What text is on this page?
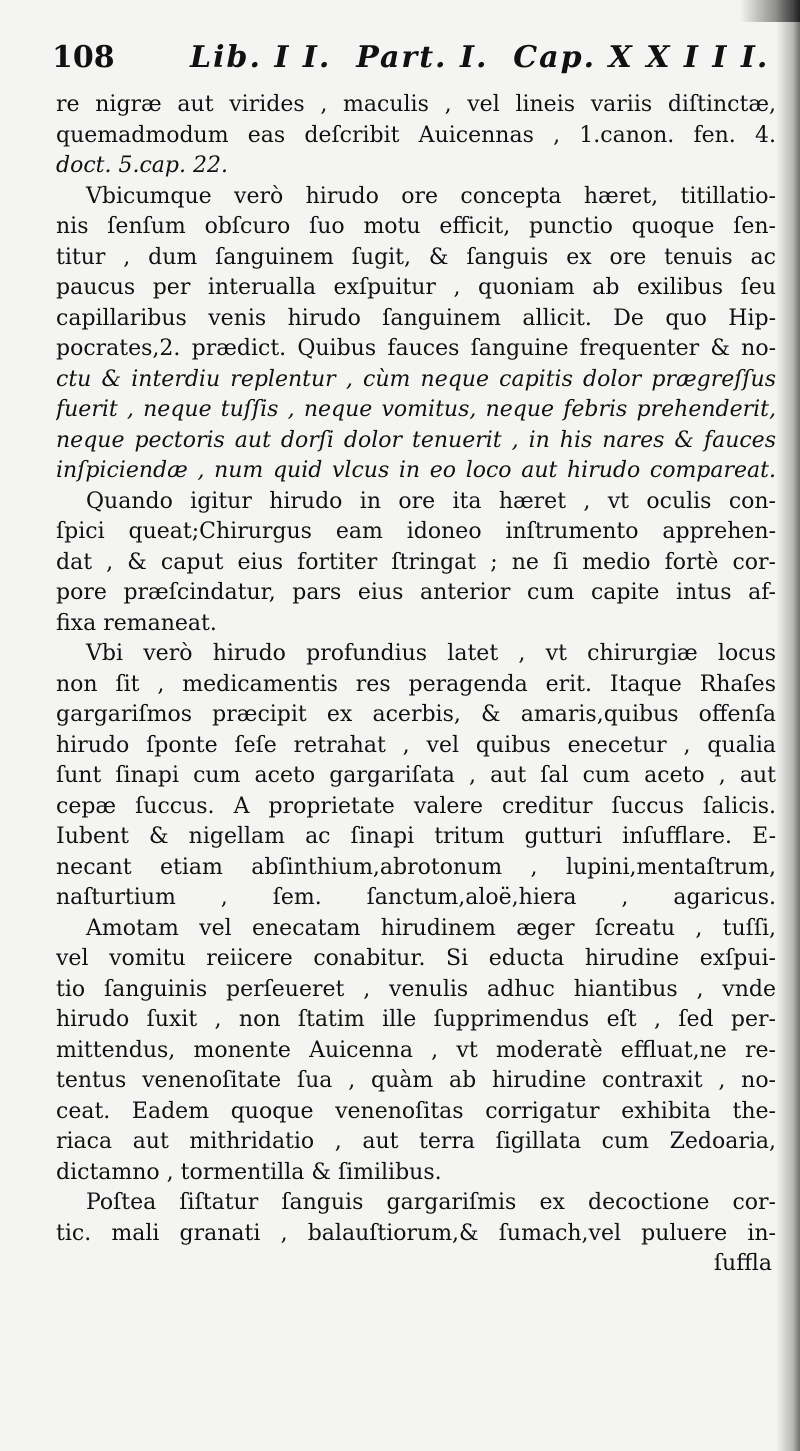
108	Lib. I I.  Part. I.  Cap. X X I I I.
re nigræ aut virides , maculis , vel lineis variis diſtinctæ,
quemadmodum eas deſcribit Auicennas , 1.canon. fen. 4.
doct. 5.cap. 22.
Vbicumque verò hirudo ore concepta hæret, titillatio-
nis ſenſum obſcuro ſuo motu efficit, punctio quoque ſen-
titur , dum ſanguinem ſugit, & ſanguis ex ore tenuis ac
paucus per interualla exſpuitur , quoniam ab exilibus ſeu
capillaribus venis hirudo ſanguinem allicit. De quo Hip-
pocrates,2. prædict. Quibus fauces ſanguine frequenter & no-
ctu & interdiu replentur , cùm neque capitis dolor prægreſſus
fuerit , neque tuſſis , neque vomitus, neque febris prehenderit,
neque pectoris aut dorſi dolor tenuerit , in his nares & fauces
inſpiciendæ , num quid vlcus in eo loco aut hirudo compareat.
Quando igitur hirudo in ore ita hæret , vt oculis con-
ſpici queat;Chirurgus eam idoneo inſtrumento apprehen-
dat , & caput eius fortiter ſtringat ; ne ſi medio fortè cor-
pore præſcindatur, pars eius anterior cum capite intus af-
fixa remaneat.
Vbi verò hirudo profundius latet , vt chirurgiæ locus
non ſit , medicamentis res peragenda erit. Itaque Rhaſes
gargariſmos præcipit ex acerbis, & amaris,quibus offenſa
hirudo ſponte ſeſe retrahat , vel quibus enecetur , qualia
ſunt ſinapi cum aceto gargariſata , aut ſal cum aceto , aut
cepæ ſuccus. A proprietate valere creditur ſuccus ſalicis.
Iubent & nigellam ac ſinapi tritum gutturi inſufflare. E-
necant etiam abſinthium,abrotonum , lupini,mentaſtrum,
naſturtium , ſem. ſanctum,aloë,hiera , agaricus.
Amotam vel enecatam hirudinem æger ſcreatu , tuſſi,
vel vomitu reiicere conabitur. Si educta hirudine exſpui-
tio ſanguinis perſeueret , venulis adhuc hiantibus , vnde
hirudo ſuxit , non ſtatim ille ſupprimendus eſt , ſed per-
mittendus, monente Auicenna , vt moderatè effluat,ne re-
tentus venenoſitate ſua , quàm ab hirudine contraxit , no-
ceat. Eadem quoque venenoſitas corrigatur exhibita the-
riaca aut mithridatio , aut terra ſigillata cum Zedoaria,
dictamno , tormentilla & ſimilibus.
Poſtea ſiſtatur ſanguis gargariſmis ex decoctione cor-
tic. mali granati , balauſtiorum,& ſumach,vel puluere in-
ſuffla
